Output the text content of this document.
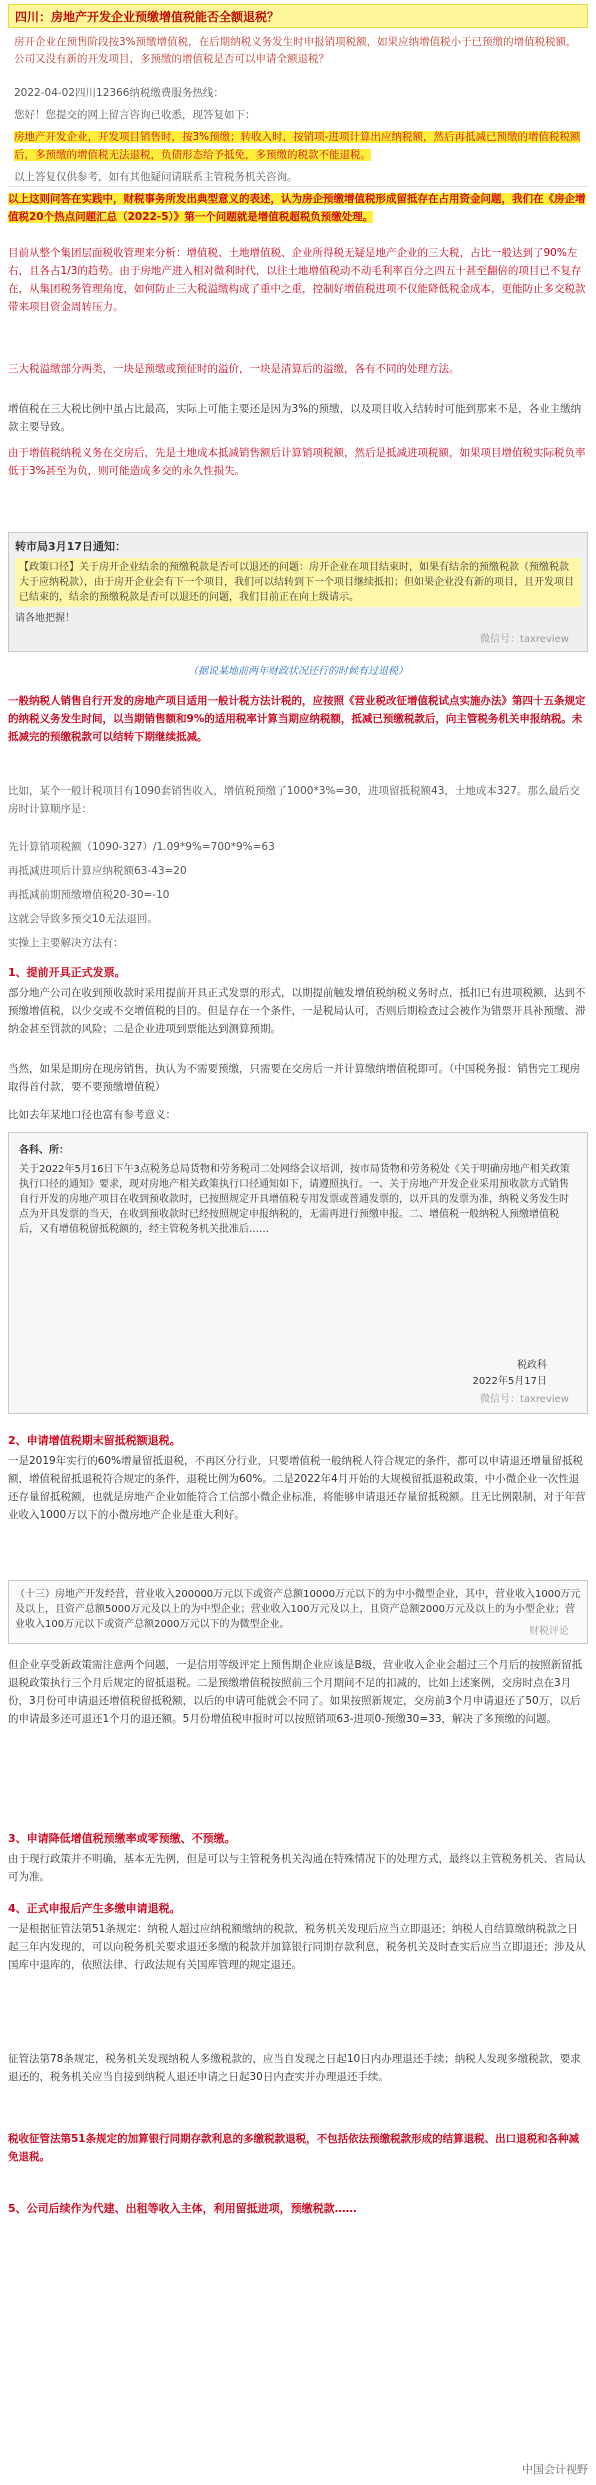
四川：房地产开发企业预缴增值税能否全额退税？
房开企业在预售阶段按3%预缴增值税，在后期纳税义务发生时申报销项税额，如果应纳增值税小于已预缴的增值税税额，公司又没有新的开发项目，多预缴的增值税是否可以申请全额退税？
2022-04-02四川12366纳税缴费服务热线：
您好！您提交的网上留言咨询已收悉，现答复如下：
房地产开发企业，开发项目销售时，按3%预缴；转收入时，按销项-进项计算出应纳税额，然后再抵减已预缴的增值税税额后，多预缴的增值税无法退税，负债形态给予抵免，多预缴的税款不能退税。
以上答复仅供参考，如有其他疑问请联系主管税务机关咨询。
以上这则问答在实践中，财税事务所发出典型意义的表述，认为房企预缴增值税形成留抵存在占用资金问题，我们在《房企增值税20个热点问题汇总（2022-5）》第一个问题就是增值税超税负预缴处理。
目前从整个集团层面税收管理来分析：增值税、土地增值税、企业所得税无疑是地产企业的三大税，占比一般达到了90%左右，且各占1/3的趋势。由于房地产进入相对微利时代，以往土地增值税动不动毛利率百分之四五十甚至翻倍的项目已不复存在，从集团税务管理角度，如何防止三大税溢缴构成了重中之重，控制好增值税进项不仅能降低税金成本，更能防止多交税款带来项目资金周转压力。
三大税溢缴部分两类，一块是预缴或预征时的溢价，一块是清算后的溢缴，各有不同的处理方法。
增值税在三大税比例中虽占比最高，实际上可能主要还是因为3%的预缴，以及项目收入结转时可能到那来不是，各业主缴纳款主要导致。
由于增值税纳税义务在交房后，先是土地成本抵减销售额后计算销项税额，然后是抵减进项税额，如果项目增值税实际税负率低于3%甚至为负，则可能造成多交的永久性损失。
转市局3月17日通知：
【政策口径】关于房开企业结余的预缴税款是否可以退还的问题：房开企业在项目结束时，如果有结余的预缴税款（预缴税款大于应纳税款），由于房开企业会有下一个项目，我们可以结转到下一个项目继续抵扣；但如果企业没有新的项目，且开发项目已结束的，结余的预缴税款是否可以退还的问题，我们目前正在向上级请示。
请各地把握！
微信号：taxreview
（据说某地前两年财政状况还行的时候有过退税）
一般纳税人销售自行开发的房地产项目适用一般计税方法计税的，应按照《营业税改征增值税试点实施办法》第四十五条规定的纳税义务发生时间，以当期销售额和9%的适用税率计算当期应纳税额，抵减已预缴税款后，向主管税务机关申报纳税。未抵减完的预缴税款可以结转下期继续抵减。
比如，某个一般计税项目有1090套销售收入，增值税预缴了1000*3%=30，进项留抵税额43，土地成本327。那么最后交房时计算顺序是：
先计算销项税额（1090-327）/1.09*9%=700*9%=63
再抵减进项后计算应纳税额63-43=20
再抵减前期预缴增值税20-30=-10
这就会导致多预交10无法退回。
实操上主要解决方法有：
1、提前开具正式发票。
部分地产公司在收到预收款时采用提前开具正式发票的形式，以期提前触发增值税纳税义务时点，抵扣已有进项税额，达到不预缴增值税，以少交或不交增值税的目的。但是存在一个条件，一是税局认可，否则后期检查过会被作为错票开具补预缴、滞纳金甚至罚款的风险；二是企业进项到票能达到测算预期。
当然，如果是期房在现房销售，执认为不需要预缴，只需要在交房后一并计算缴纳增值税即可。（中国税务报：销售完工现房取得首付款，要不要预缴增值税）
比如去年某地口径也富有参考意义：
各科、所：
关于2022年5月16日下午3点税务总局货物和劳务税司二处网络会议培训，按市局货物和劳务税处《关于明确房地产相关政策执行口径的通知》要求，现对房地产相关政策执行口径通知如下，请遵照执行。一、关于房地产开发企业采用预收款方式销售自行开发的房地产项目在收到预收款时，已按照规定开具增值税专用发票或普通发票的，以开具的发票为准，纳税义务发生时点为开具发票的当天，在收到预收款时已经按照规定申报纳税的，无需再进行预缴申报。二、增值税一般纳税人预缴增值税后，又有增值税留抵税额的，经主管税务机关批准后……
税政科
2022年5月17日
微信号：taxreview
2、申请增值税期末留抵税额退税。
一是2019年实行的60%增量留抵退税，不再区分行业，只要增值税一般纳税人符合规定的条件，都可以申请退还增量留抵税额，增值税留抵退税符合规定的条件，退税比例为60%。二是2022年4月开始的大规模留抵退税政策，中小微企业一次性退还存量留抵税额，也就是房地产企业如能符合工信部小微企业标准，将能够申请退还存量留抵税额。且无比例限制，对于年营业收入1000万以下的小微房地产企业是重大利好。
（十三）房地产开发经营，营业收入200000万元以下或资产总额10000万元以下的为中小微型企业，其中，营业收入1000万元及以上，且资产总额5000万元及以上的为中型企业；营业收入100万元及以上，且资产总额2000万元及以上的为小型企业；营业收入100万元以下或资产总额2000万元以下的为微型企业。
财税评论
但企业享受新政策需注意两个问题，一是信用等级评定上预售期企业应该是B级，营业收入企业会超过三个月后的按照新留抵退税政策执行三个月后规定的留抵退税。二是预缴增值税按照前三个月期间不足的扣减的，比如上述案例，交房时点在3月份，3月份可申请退还增值税留抵税额，以后的申请可能就会不同了。如果按照新规定，交房前3个月申请退还了50万，以后的申请最多还可退还1个月的退还额。5月份增值税申报时可以按照销项63-进项0-预缴30=33，解决了多预缴的问题。
3、申请降低增值税预缴率或零预缴、不预缴。
由于现行政策并不明确，基本无先例，但是可以与主管税务机关沟通在特殊情况下的处理方式，最终以主管税务机关、省局认可为准。
4、正式申报后产生多缴申请退税。
一是根据征管法第51条规定：纳税人超过应纳税额缴纳的税款，税务机关发现后应当立即退还；纳税人自结算缴纳税款之日起三年内发现的，可以向税务机关要求退还多缴的税款并加算银行同期存款利息，税务机关及时查实后应当立即退还；涉及从国库中退库的，依照法律、行政法规有关国库管理的规定退还。
征管法第78条规定，税务机关发现纳税人多缴税款的，应当自发现之日起10日内办理退还手续；纳税人发现多缴税款，要求退还的，税务机关应当自接到纳税人退还申请之日起30日内查实并办理退还手续。
税收征管法第51条规定的加算银行同期存款利息的多缴税款退税，不包括依法预缴税款形成的结算退税、出口退税和各种减免退税。
5、公司后续作为代建、出租等收入主体，利用留抵进项，预缴税款……
中国会计视野
